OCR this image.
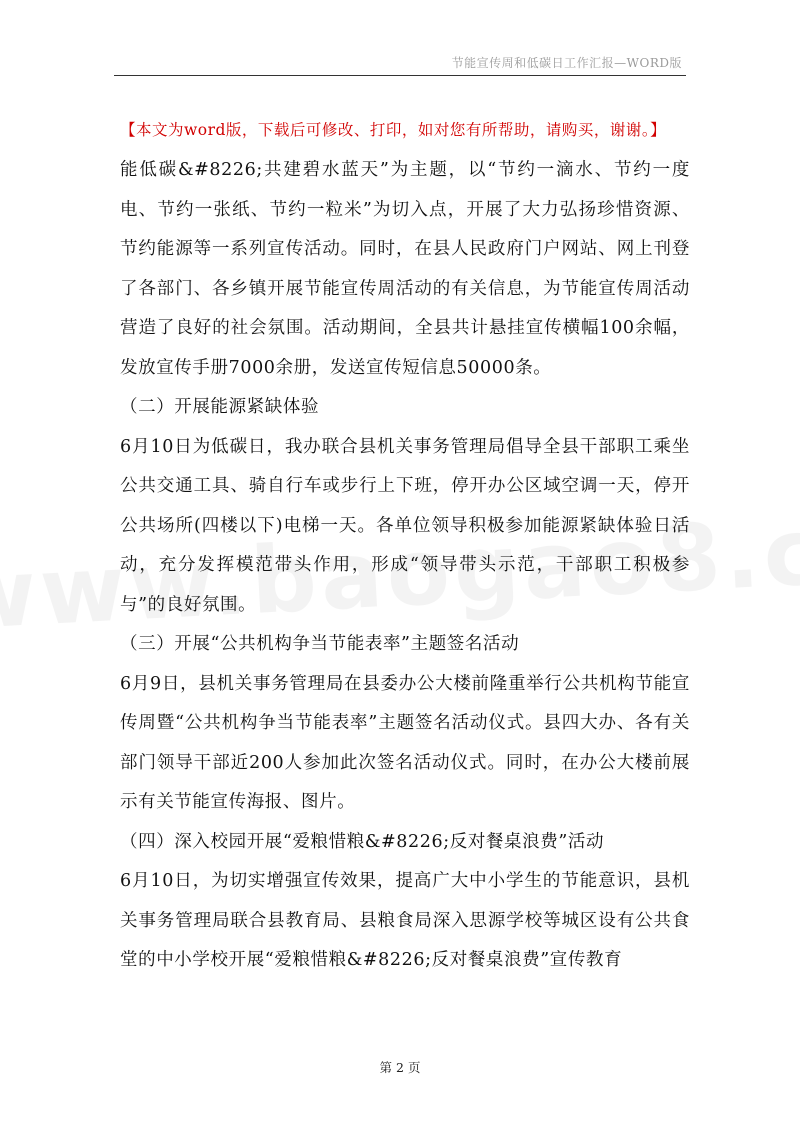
节能宣传周和低碳日工作汇报—WORD版
【本文为word版，下载后可修改、打印，如对您有所帮助，请购买，谢谢。】

能低碳&#8226;共建碧水蓝天”为主题，以“节约一滴水、节约一度电、节约一张纸、节约一粒米”为切入点，开展了大力弘扬珍惜资源、节约能源等一系列宣传活动。同时，在县人民政府门户网站、网上刊登了各部门、各乡镇开展节能宣传周活动的有关信息，为节能宣传周活动营造了良好的社会氛围。活动期间，全县共计悬挂宣传横幅100余幅，发放宣传手册7000余册，发送宣传短信息50000条。

（二）开展能源紧缺体验

6月10日为低碳日，我办联合县机关事务管理局倡导全县干部职工乘坐公共交通工具、骑自行车或步行上下班，停开办公区域空调一天，停开公共场所(四楼以下)电梯一天。各单位领导积极参加能源紧缺体验日活动，充分发挥模范带头作用，形成“领导带头示范，干部职工积极参与”的良好氛围。

（三）开展“公共机构争当节能表率”主题签名活动

6月9日，县机关事务管理局在县委办公大楼前隆重举行公共机构节能宣传周暨“公共机构争当节能表率”主题签名活动仪式。县四大办、各有关部门领导干部近200人参加此次签名活动仪式。同时，在办公大楼前展示有关节能宣传海报、图片。

（四）深入校园开展“爱粮惜粮&#8226;反对餐桌浪费”活动

6月10日，为切实增强宣传效果，提高广大中小学生的节能意识，县机关事务管理局联合县教育局、县粮食局深入思源学校等城区设有公共食堂的中小学校开展“爱粮惜粮&#8226;反对餐桌浪费”宣传教育

第 2 页
